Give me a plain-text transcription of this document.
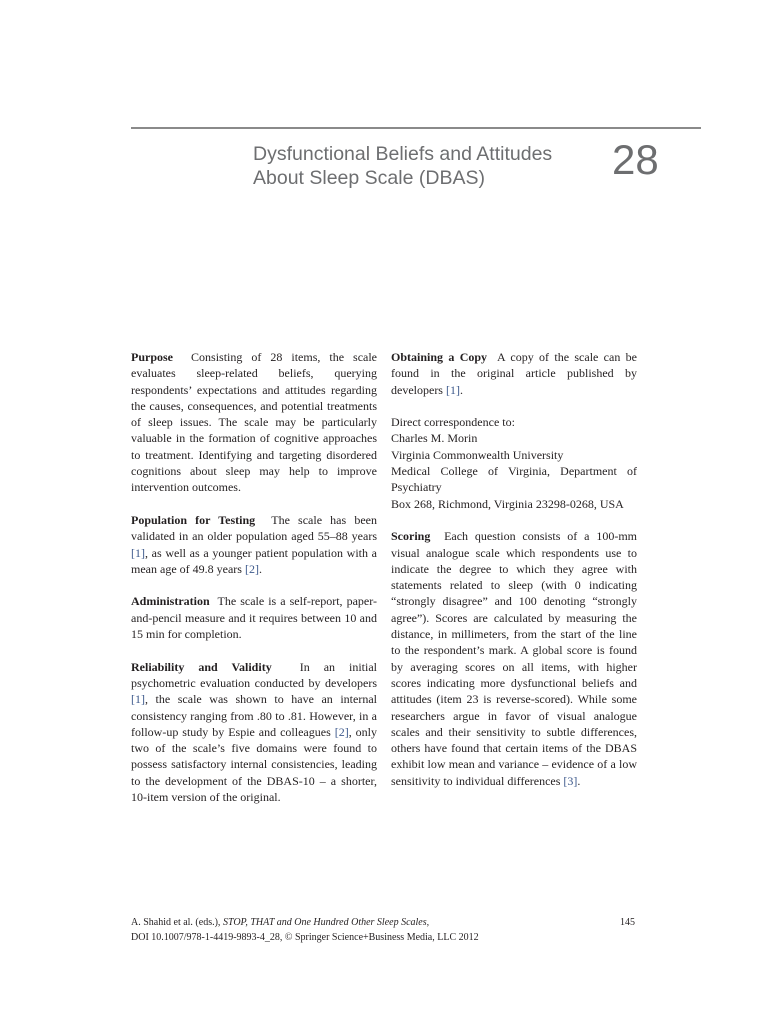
Dysfunctional Beliefs and Attitudes
About Sleep Scale (DBAS)	28

Purpose Consisting of 28 items, the scale evaluates sleep-related beliefs, querying respondents’ expectations and attitudes regarding the causes, consequences, and potential treatments of sleep issues. The scale may be particularly valuable in the formation of cognitive approaches to treatment. Identifying and targeting disordered cognitions about sleep may help to improve intervention outcomes.

Population for Testing The scale has been validated in an older population aged 55–88 years [1], as well as a younger patient population with a mean age of 49.8 years [2].

Administration The scale is a self-report, paper-and-pencil measure and it requires between 10 and 15 min for completion.

Reliability and Validity In an initial psychometric evaluation conducted by developers [1], the scale was shown to have an internal consistency ranging from .80 to .81. However, in a follow-up study by Espie and colleagues [2], only two of the scale’s five domains were found to possess satisfactory internal consistencies, leading to the development of the DBAS-10 – a shorter, 10-item version of the original.

Obtaining a Copy A copy of the scale can be found in the original article published by developers [1].

Direct correspondence to:
Charles M. Morin
Virginia Commonwealth University
Medical College of Virginia, Department of
Psychiatry
Box 268, Richmond, Virginia 23298-0268, USA

Scoring Each question consists of a 100-mm visual analogue scale which respondents use to indicate the degree to which they agree with statements related to sleep (with 0 indicating “strongly disagree” and 100 denoting “strongly agree”). Scores are calculated by measuring the distance, in millimeters, from the start of the line to the respondent’s mark. A global score is found by averaging scores on all items, with higher scores indicating more dysfunctional beliefs and attitudes (item 23 is reverse-scored). While some researchers argue in favor of visual analogue scales and their sensitivity to subtle differences, others have found that certain items of the DBAS exhibit low mean and variance – evidence of a low sensitivity to individual differences [3].

A. Shahid et al. (eds.), STOP, THAT and One Hundred Other Sleep Scales,
DOI 10.1007/978-1-4419-9893-4_28, © Springer Science+Business Media, LLC 2012
145
